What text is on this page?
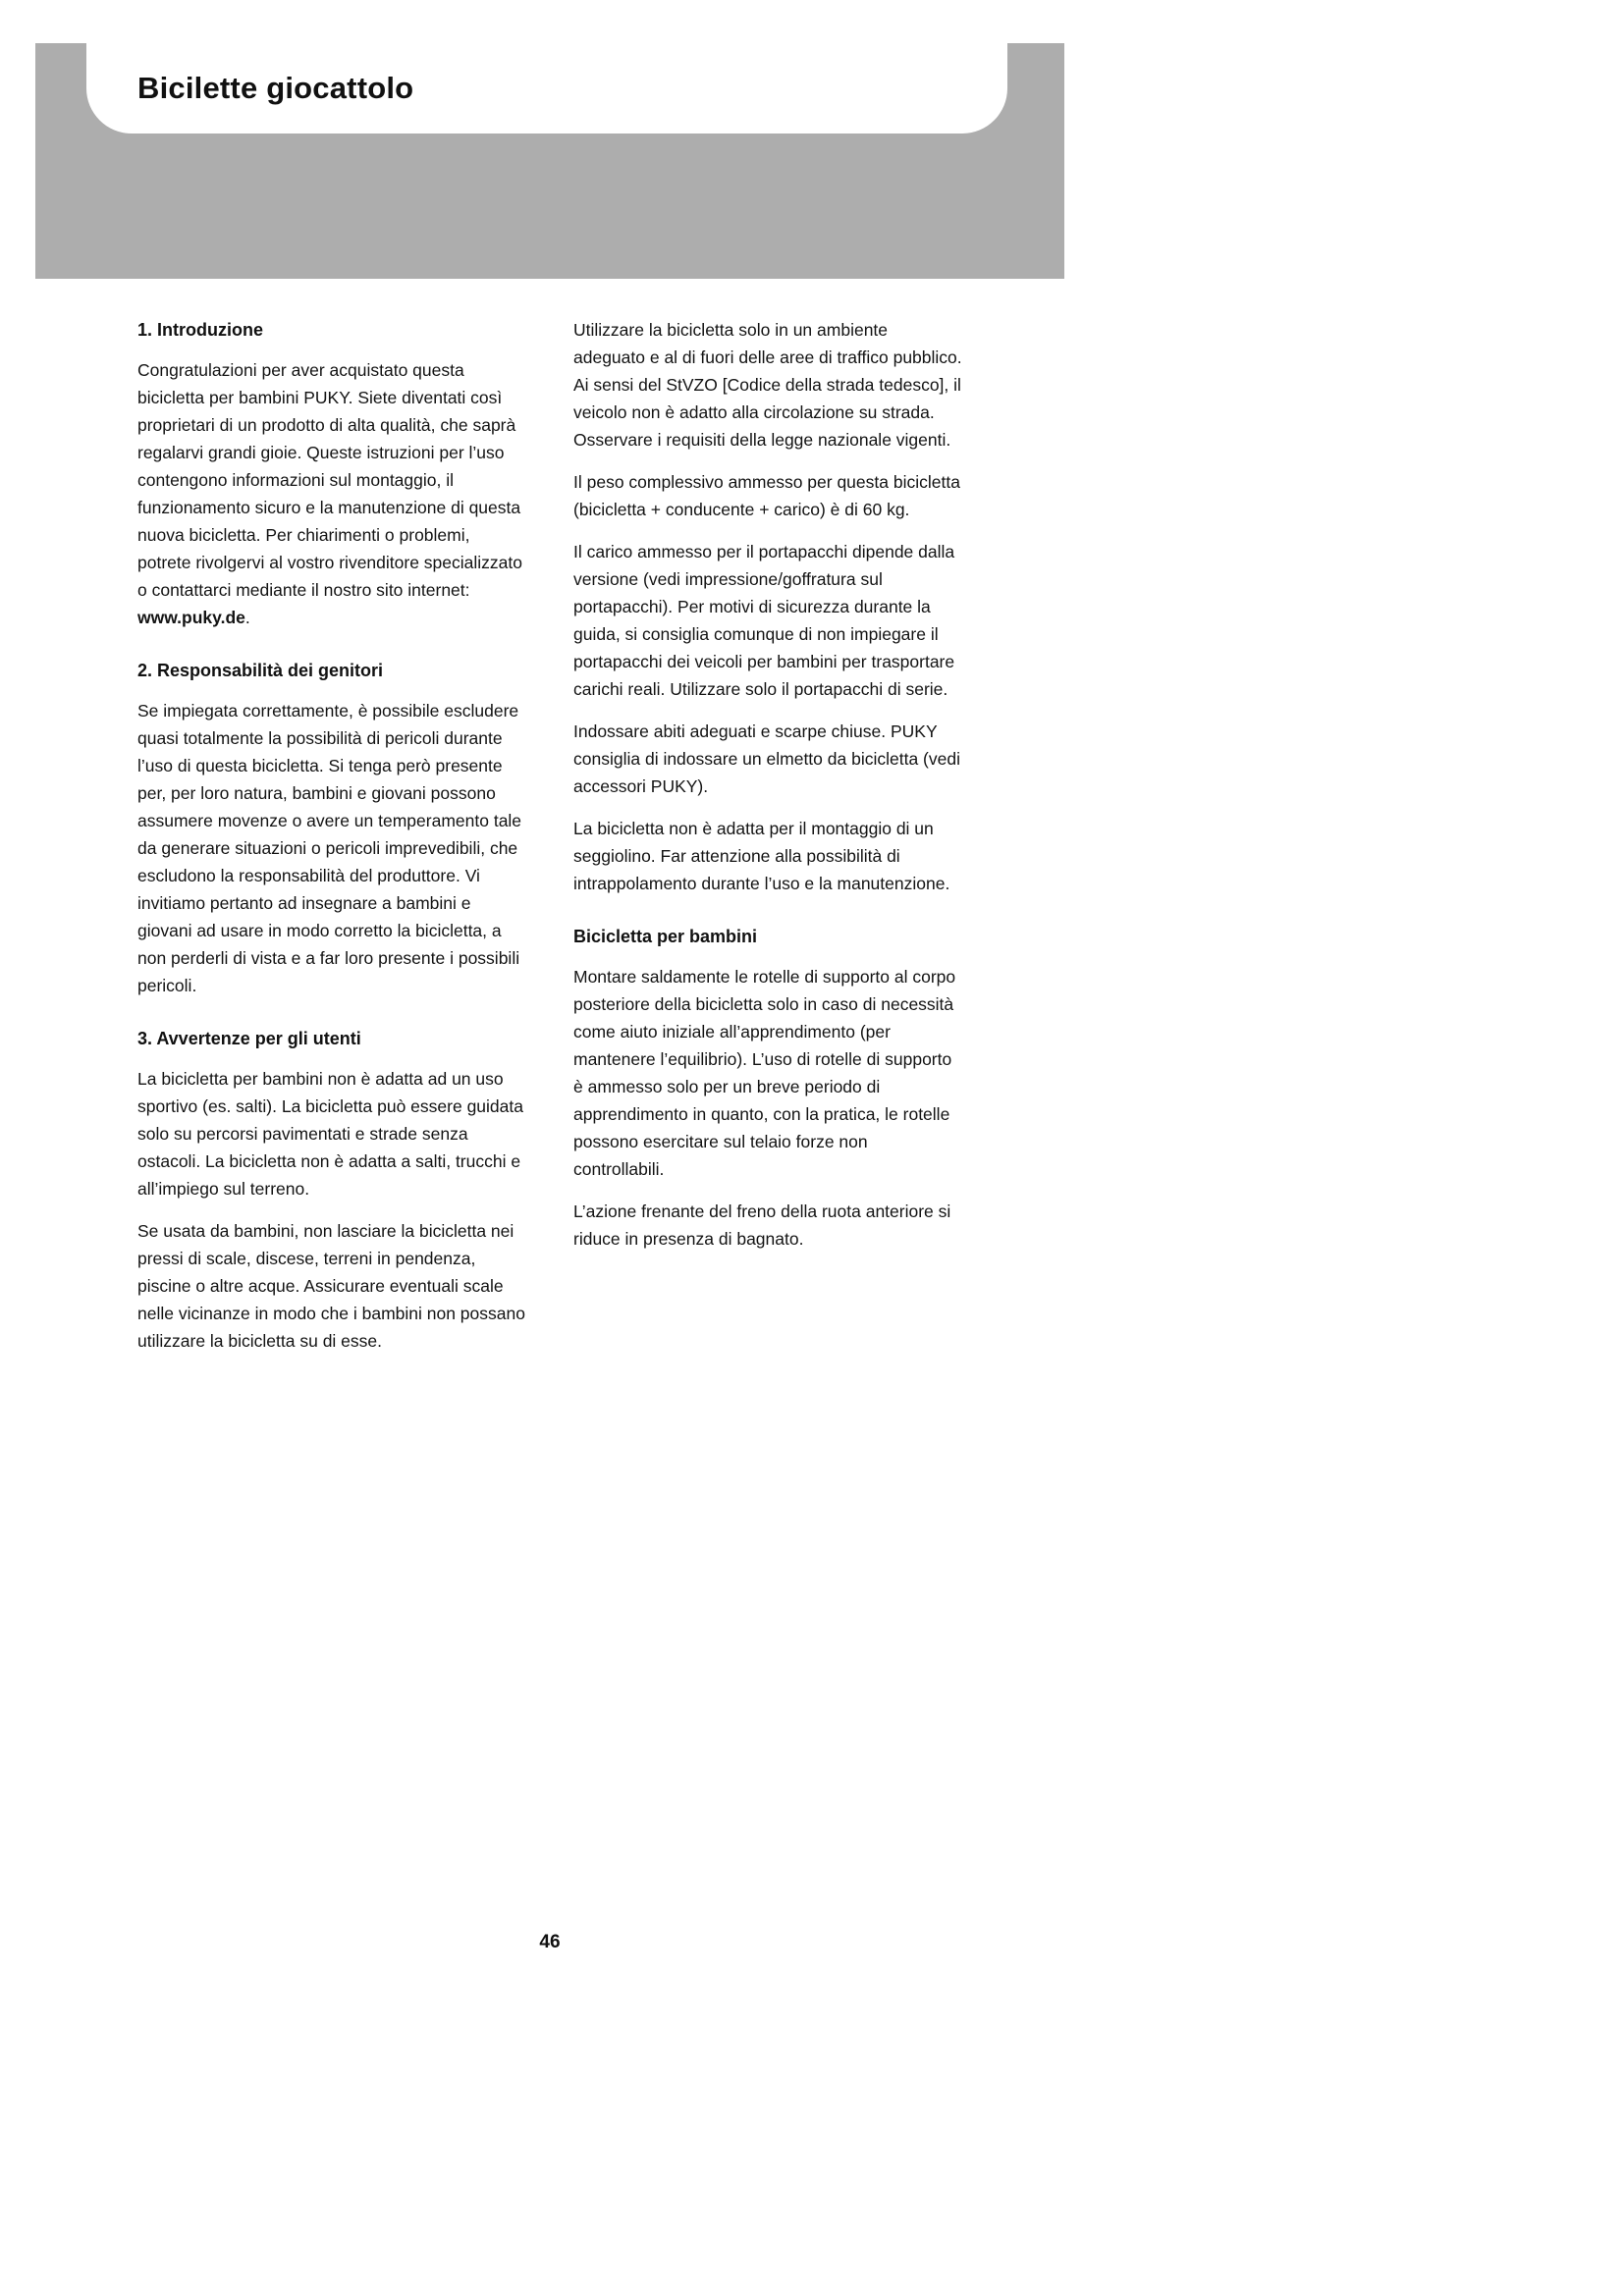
Bicilette giocattolo
1. Introduzione

Congratulazioni per aver acquistato questa bicicletta per bambini PUKY. Siete diventati così proprietari di un prodotto di alta qualità, che saprà regalarvi grandi gioie. Queste istruzioni per l’uso contengono informazioni sul montaggio, il funzionamento sicuro e la manutenzione di questa nuova bicicletta. Per chiarimenti o problemi, potrete rivolgervi al vostro rivenditore specializzato o contattarci mediante il nostro sito internet: www.puky.de.

2. Responsabilità dei genitori

Se impiegata correttamente, è possibile escludere quasi totalmente la possibilità di pericoli durante l’uso di questa bicicletta. Si tenga però presente per, per loro natura, bambini e giovani possono assumere movenze o avere un temperamento tale da generare situazioni o pericoli imprevedibili, che escludono la responsabilità del produttore. Vi invitiamo pertanto ad insegnare a bambini e giovani ad usare in modo corretto la bicicletta, a non perderli di vista e a far loro presente i possibili pericoli.

3. Avvertenze per gli utenti

La bicicletta per bambini non è adatta ad un uso sportivo (es. salti). La bicicletta può essere guidata solo su percorsi pavimentati e strade senza ostacoli. La bicicletta non è adatta a salti, trucchi e all’impiego sul terreno.

Se usata da bambini, non lasciare la bicicletta nei pressi di scale, discese, terreni in pendenza, piscine o altre acque. Assicurare eventuali scale nelle vicinanze in modo che i bambini non possano utilizzare la bicicletta su di esse.

Utilizzare la bicicletta solo in un ambiente adeguato e al di fuori delle aree di traffico pubblico. Ai sensi del StVZO [Codice della strada tedesco], il veicolo non è adatto alla circolazione su strada. Osservare i requisiti della legge nazionale vigenti.

Il peso complessivo ammesso per questa bicicletta (bicicletta + conducente + carico) è di 60 kg.

Il carico ammesso per il portapacchi dipende dalla versione (vedi impressione/goffratura sul portapacchi). Per motivi di sicurezza durante la guida, si consiglia comunque di non impiegare il portapacchi dei veicoli per bambini per trasportare carichi reali. Utilizzare solo il portapacchi di serie.

Indossare abiti adeguati e scarpe chiuse. PUKY consiglia di indossare un elmetto da bicicletta (vedi accessori PUKY).

La bicicletta non è adatta per il montaggio di un seggiolino. Far attenzione alla possibilità di intrappolamento durante l’uso e la manutenzione.

Bicicletta per bambini

Montare saldamente le rotelle di supporto al corpo posteriore della bicicletta solo in caso di necessità come aiuto iniziale all’apprendimento (per mantenere l’equilibrio). L’uso di rotelle di supporto è ammesso solo per un breve periodo di apprendimento in quanto, con la pratica, le rotelle possono esercitare sul telaio forze non controllabili.

L’azione frenante del freno della ruota anteriore si riduce in presenza di bagnato.

46
